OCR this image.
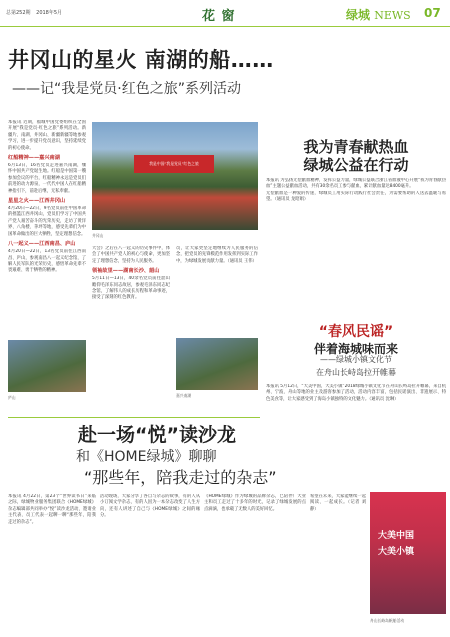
总第252期 2018年5月	花 窗	绿城 NEWS 07
井冈山的星火 南湖的船……
——记“我是党员·红色之旅”系列活动
本报讯 近期，福城中国党委组织在全国开展“我是党员·红色之旅”系列活动。新疆片、南湖、井冈山、新疆新疆等地参观学习，进一步提升党员意识，坚持延续党的初心使命。
红船精神——嘉兴南湖
6月13日，16名党员走进嘉兴南湖，缅怀中国共产党诞生地。红船是中国第一艘参加会议的平台，红船精神永远是党员们前进的动力源泉，一代代中国人在红船精神指引下，前赴后继，无私奉献。
星星之火——江西井冈山
4月20日—22日，9名党员前往中国革命的摇篮江西井冈山，党员们学习了中国共产党人艰苦奋斗的光荣历史，走访了黄洋界、八角楼、茅坪等地，感受先辈们为中国革命做出的巨大牺牲，坚定理想信念。
八一起义——江西南昌、庐山
4月20日—22日，13名党员前往江西南昌、庐山，参观南昌八一起义纪念馆，了解人民军队的光荣历史，感悟革命先辈不畏艰难、勇于牺牲的精神。
我是中国“我是党员”红色之旅
井冈山
大会》之后在八一起义的历史事件中，体会了中国共产党人的初心与使命，更加坚定了理想信念，坚持为人民服务。
领袖故里——湖南长沙、韶山
5月11日—13日，40余名党员前往韶山瞻仰毛泽东同志故居，参观毛泽东同志纪念馆，了解伟人的成长历程和革命事迹，接受了深刻的红色教育。
员，让大家更坚定地继续为人民服务的信念，把党员的先锋模范作用发挥到实际工作中，为绿城发展贡献力量。（通讯员 王伟）
庐山	嘉兴南湖
我为青春献热血
绿城公益在行动
本报讯 为弘扬无偿献血精神，发挥公益力量，绿城公益联合浙江省血液中心开展“我为青春献热血”主题公益献血活动，共有30余名员工参与献血，累计献血量达8400毫升。
无偿献血是一种爱的传递，绿城员工用实际行动践行社会责任，为需要帮助的人送去温暖与希望。（通讯员 龙昭娟）
“春风民谣”
伴着海城味而来
——绿城小镇文化节
在舟山长峙岛拉开帷幕
本报讯 5月12日，“大美中国，大美小镇”2018绿城小镇文化节在舟山长峙岛拉开帷幕，来自杭州、宁波、舟山等地的业主及游客参加了活动，活动内容丰富，包括民谣演出、非遗展示、特色美食等，让大家感受到了海岛小镇独特的文化魅力。（通讯员 沈琳）
赴一场“悦”读沙龙
和《HOME绿城》聊聊
“那些年，陪我走过的杂志”
本报讯 4月22日，第23个“世界读书日”来临之际，绿城物业服务集团联合《HOME绿城》杂志编辑部共同举办“悦”读沙龙活动，邀请业主代表、员工代表一起聊一聊“那些年，陪我走过的杂志”。
活动现场，大家分享了各自与杂志的故事，有的人从小订阅文学杂志，有的人因为一本杂志改变了人生方向，还有人讲述了自己与《HOME绿城》之间的缘分。
《HOME绿城》作为绿城的品牌杂志，已陪伴广大业主和员工走过了十多年的时光，记录了绿城发展的点点滴滴，也承载了无数人的美好回忆。
希望在未来，大家能继续一起阅读、一起成长。（记者 刘静）
大美中国
大美小镇
舟山长峙岛帆船活动
